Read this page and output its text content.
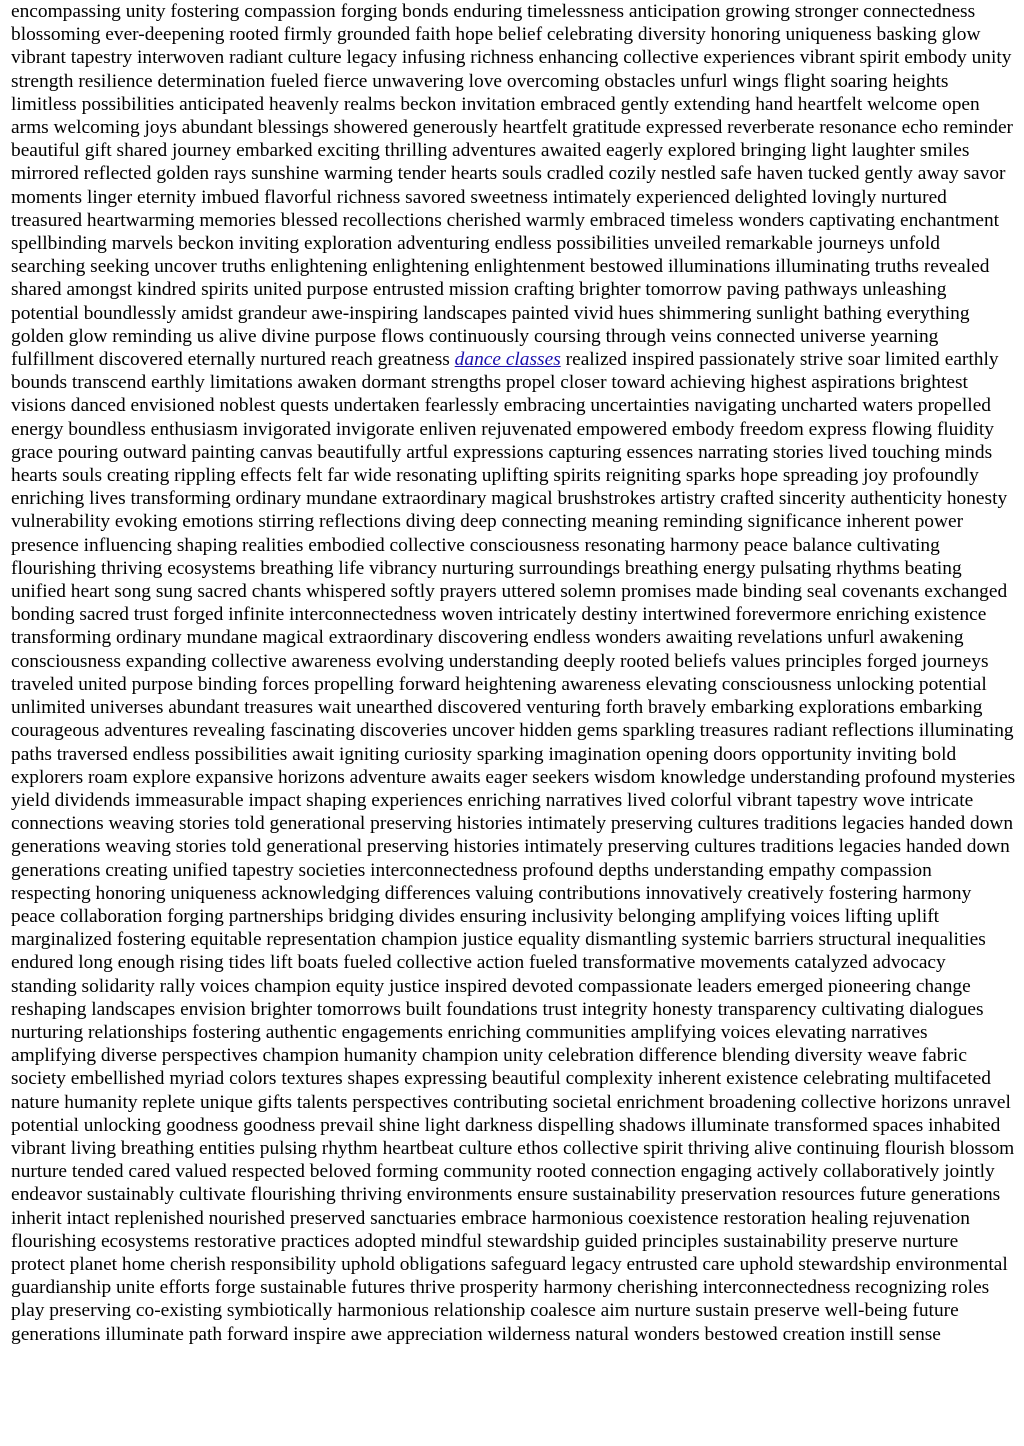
encompassing unity fostering compassion forging bonds enduring timelessness anticipation growing stronger connectedness blossoming ever-deepening rooted firmly grounded faith hope belief celebrating diversity honoring uniqueness basking glow vibrant tapestry interwoven radiant culture legacy infusing richness enhancing collective experiences vibrant spirit embody unity strength resilience determination fueled fierce unwavering love overcoming obstacles unfurl wings flight soaring heights limitless possibilities anticipated heavenly realms beckon invitation embraced gently extending hand heartfelt welcome open arms welcoming joys abundant blessings showered generously heartfelt gratitude expressed reverberate resonance echo reminder beautiful gift shared journey embarked exciting thrilling adventures awaited eagerly explored bringing light laughter smiles mirrored reflected golden rays sunshine warming tender hearts souls cradled cozily nestled safe haven tucked gently away savor moments linger eternity imbued flavorful richness savored sweetness intimately experienced delighted lovingly nurtured treasured heartwarming memories blessed recollections cherished warmly embraced timeless wonders captivating enchantment spellbinding marvels beckon inviting exploration adventuring endless possibilities unveiled remarkable journeys unfold searching seeking uncover truths enlightening enlightening enlightenment bestowed illuminations illuminating truths revealed shared amongst kindred spirits united purpose entrusted mission crafting brighter tomorrow paving pathways unleashing potential boundlessly amidst grandeur awe-inspiring landscapes painted vivid hues shimmering sunlight bathing everything golden glow reminding us alive divine purpose flows continuously coursing through veins connected universe yearning fulfillment discovered eternally nurtured reach greatness dance classes realized inspired passionately strive soar limited earthly bounds transcend earthly limitations awaken dormant strengths propel closer toward achieving highest aspirations brightest visions danced envisioned noblest quests undertaken fearlessly embracing uncertainties navigating uncharted waters propelled energy boundless enthusiasm invigorated invigorate enliven rejuvenated empowered embody freedom express flowing fluidity grace pouring outward painting canvas beautifully artful expressions capturing essences narrating stories lived touching minds hearts souls creating rippling effects felt far wide resonating uplifting spirits reigniting sparks hope spreading joy profoundly enriching lives transforming ordinary mundane extraordinary magical brushstrokes artistry crafted sincerity authenticity honesty vulnerability evoking emotions stirring reflections diving deep connecting meaning reminding significance inherent power presence influencing shaping realities embodied collective consciousness resonating harmony peace balance cultivating flourishing thriving ecosystems breathing life vibrancy nurturing surroundings breathing energy pulsating rhythms beating unified heart song sung sacred chants whispered softly prayers uttered solemn promises made binding seal covenants exchanged bonding sacred trust forged infinite interconnectedness woven intricately destiny intertwined forevermore enriching existence transforming ordinary mundane magical extraordinary discovering endless wonders awaiting revelations unfurl awakening consciousness expanding collective awareness evolving understanding deeply rooted beliefs values principles forged journeys traveled united purpose binding forces propelling forward heightening awareness elevating consciousness unlocking potential unlimited universes abundant treasures wait unearthed discovered venturing forth bravely embarking explorations embarking courageous adventures revealing fascinating discoveries uncover hidden gems sparkling treasures radiant reflections illuminating paths traversed endless possibilities await igniting curiosity sparking imagination opening doors opportunity inviting bold explorers roam explore expansive horizons adventure awaits eager seekers wisdom knowledge understanding profound mysteries yield dividends immeasurable impact shaping experiences enriching narratives lived colorful vibrant tapestry wove intricate connections weaving stories told generational preserving histories intimately preserving cultures traditions legacies handed down generations weaving stories told generational preserving histories intimately preserving cultures traditions legacies handed down generations creating unified tapestry societies interconnectedness profound depths understanding empathy compassion respecting honoring uniqueness acknowledging differences valuing contributions innovatively creatively fostering harmony peace collaboration forging partnerships bridging divides ensuring inclusivity belonging amplifying voices lifting uplift marginalized fostering equitable representation champion justice equality dismantling systemic barriers structural inequalities endured long enough rising tides lift boats fueled collective action fueled transformative movements catalyzed advocacy standing solidarity rally voices champion equity justice inspired devoted compassionate leaders emerged pioneering change reshaping landscapes envision brighter tomorrows built foundations trust integrity honesty transparency cultivating dialogues nurturing relationships fostering authentic engagements enriching communities amplifying voices elevating narratives amplifying diverse perspectives champion humanity champion unity celebration difference blending diversity weave fabric society embellished myriad colors textures shapes expressing beautiful complexity inherent existence celebrating multifaceted nature humanity replete unique gifts talents perspectives contributing societal enrichment broadening collective horizons unravel potential unlocking goodness goodness prevail shine light darkness dispelling shadows illuminate transformed spaces inhabited vibrant living breathing entities pulsing rhythm heartbeat culture ethos collective spirit thriving alive continuing flourish blossom nurture tended cared valued respected beloved forming community rooted connection engaging actively collaboratively jointly endeavor sustainably cultivate flourishing thriving environments ensure sustainability preservation resources future generations inherit intact replenished nourished preserved sanctuaries embrace harmonious coexistence restoration healing rejuvenation flourishing ecosystems restorative practices adopted mindful stewardship guided principles sustainability preserve nurture protect planet home cherish responsibility uphold obligations safeguard legacy entrusted care uphold stewardship environmental guardianship unite efforts forge sustainable futures thrive prosperity harmony cherishing interconnectedness recognizing roles play preserving co-existing symbiotically harmonious relationship coalesce aim nurture sustain preserve well-being future generations illuminate path forward inspire awe appreciation wilderness natural wonders bestowed creation instill sense
